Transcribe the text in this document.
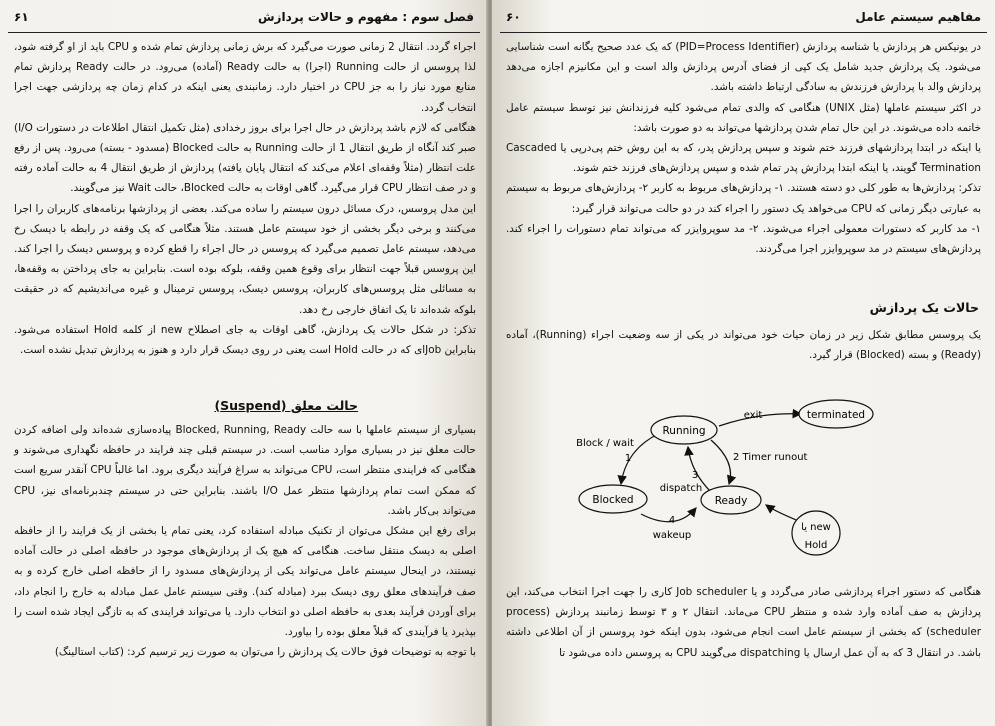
فصل سوم : مفهوم و حالات پردازش
۶۱

اجراء گردد. انتقال 2 زمانی صورت می‌گیرد که برش زمانی پردازش تمام شده و CPU باید از او گرفته شود، لذا پروسس از حالت Running (اجرا) به حالت Ready (آماده) می‌رود. در حالت Ready پردازش تمام منابع مورد نیاز را به جز CPU در اختیار دارد. زمانبندی یعنی اینکه در کدام زمان چه پردازشی جهت اجرا انتخاب گردد.

هنگامی که لازم باشد پردازش در حال اجرا برای بروز رخدادی (مثل تکمیل انتقال اطلاعات در دستورات I/O) صبر کند آنگاه از طریق انتقال 1 از حالت Running به حالت Blocked (مسدود - بسته) می‌رود. پس از رفع علت انتظار (مثلاً وقفه‌ای اعلام می‌کند که انتقال پایان یافته) پردازش از طریق انتقال 4 به حالت آماده رفته و در صف انتظار CPU قرار می‌گیرد. گاهی اوقات به حالت Blocked، حالت Wait نیز می‌گویند.

این مدل پروسس، درک مسائل درون سیستم را ساده می‌کند. بعضی از پردازشها برنامه‌های کاربران را اجرا می‌کنند و برخی دیگر بخشی از خود سیستم عامل هستند. مثلاً هنگامی که یک وقفه در رابطه با دیسک رخ می‌دهد، سیستم عامل تصمیم می‌گیرد که پروسس در حال اجراء را قطع کرده و پروسس دیسک را اجرا کند. این پروسس قبلاً جهت انتظار برای وقوع همین وقفه، بلوکه بوده است. بنابراین به جای پرداختن به وقفه‌ها، به مسائلی مثل پروسس‌های کاربران، پروسس دیسک، پروسس ترمینال و غیره می‌اندیشیم که در حقیقت بلوکه شده‌اند تا یک اتفاق خارجی رخ دهد.

تذکر: در شکل حالات یک پردازش، گاهی اوقات به جای اصطلاح new از کلمه Hold استفاده می‌شود. بنابراین Jobای که در حالت Hold است یعنی در روی دیسک قرار دارد و هنوز به پردازش تبدیل نشده است.

حالت معلق (Suspend)

بسیاری از سیستم عاملها با سه حالت Blocked, Running, Ready پیاده‌سازی شده‌اند ولی اضافه کردن حالت معلق نیز در بسیاری موارد مناسب است. در سیستم قبلی چند فرایند در حافظه نگهداری می‌شوند و هنگامی که فرایندی منتظر است، CPU می‌تواند به سراغ فرآیند دیگری برود. اما غالباً CPU آنقدر سریع است که ممکن است تمام پردازشها منتظر عمل I/O باشند. بنابراین حتی در سیستم چندبرنامه‌ای نیز، CPU می‌تواند بی‌کار باشد.

برای رفع این مشکل می‌توان از تکنیک مبادله استفاده کرد، یعنی تمام یا بخشی از یک فرایند را از حافظه اصلی به دیسک منتقل ساخت. هنگامی که هیچ یک از پردازش‌های موجود در حافظه اصلی در حالت آماده نیستند، در اینحال سیستم عامل می‌تواند یکی از پردازش‌های مسدود را از حافظه اصلی خارج کرده و به صف فرآیندهای معلق روی دیسک ببرد (مبادله کند). وقتی سیستم عامل عمل مبادله به خارج را انجام داد، برای آوردن فرآیند بعدی به حافظه اصلی دو انتخاب دارد. یا می‌تواند فرایندی که به تازگی ایجاد شده است را بپذیرد یا فرآیندی که قبلاً معلق بوده را بیاورد.

با توجه به توضیحات فوق حالات یک پردازش را می‌توان به صورت زیر ترسیم کرد: (کتاب استالینگ)

مفاهیم سیستم عامل
۶۰

در یونیکس هر پردازش یا شناسه پردازش (PID=Process Identifier) که یک عدد صحیح یگانه است شناسایی می‌شود. یک پردازش جدید شامل یک کپی از فضای آدرس پردازش والد است و این مکانیزم اجازه می‌دهد پردازش والد با پردازش فرزندش به سادگی ارتباط داشته باشد.

در اکثر سیستم عاملها (مثل UNIX) هنگامی که والدی تمام می‌شود کلیه فرزندانش نیز توسط سیستم عامل خاتمه داده می‌شوند. در این حال تمام شدن پردازشها می‌تواند به دو صورت باشد:

یا اینکه در ابتدا پردازشهای فرزند ختم شوند و سپس پردازش پدر، که به این روش ختم پی‌درپی یا Cascaded Termination گویند، یا اینکه ابتدا پردازش پدر تمام شده و سپس پردازش‌های فرزند ختم شوند.

تذکر: پردازش‌ها به طور کلی دو دسته هستند. ۱- پردازش‌های مربوط به کاربر ۲- پردازش‌های مربوط به سیستم

به عبارتی دیگر زمانی که CPU می‌خواهد یک دستور را اجراء کند در دو حالت می‌تواند قرار گیرد:

۱- مد کاربر که دستورات معمولی اجراء می‌شوند. ۲- مد سوپروایزر که می‌تواند تمام دستورات را اجراء کند. پردازش‌های سیستم در مد سوپروایزر اجرا می‌گردند.

حالات یک پردازش
یک پروسس مطابق شکل زیر در زمان حیات خود می‌تواند در یکی از سه وضعیت اجراء (Running)، آماده (Ready) و بسته (Blocked) قرار گیرد.
Running
terminated
Blocked	Ready
یا new
Hold
exit
Block / wait
1	2 Timer runout
3
dispatch
4
wakeup

هنگامی که دستور اجراء پردازشی صادر می‌گردد و یا Job scheduler کاری را جهت اجرا انتخاب می‌کند، این پردازش به صف آماده وارد شده و منتظر CPU می‌ماند. انتقال ۲ و ۳ توسط زمانبند پردازش (process scheduler) که بخشی از سیستم عامل است انجام می‌شود، بدون اینکه خود پروسس از آن اطلاعی داشته باشد. در انتقال 3 که به آن عمل ارسال یا dispatching می‌گویند CPU به پروسس داده می‌شود تا
